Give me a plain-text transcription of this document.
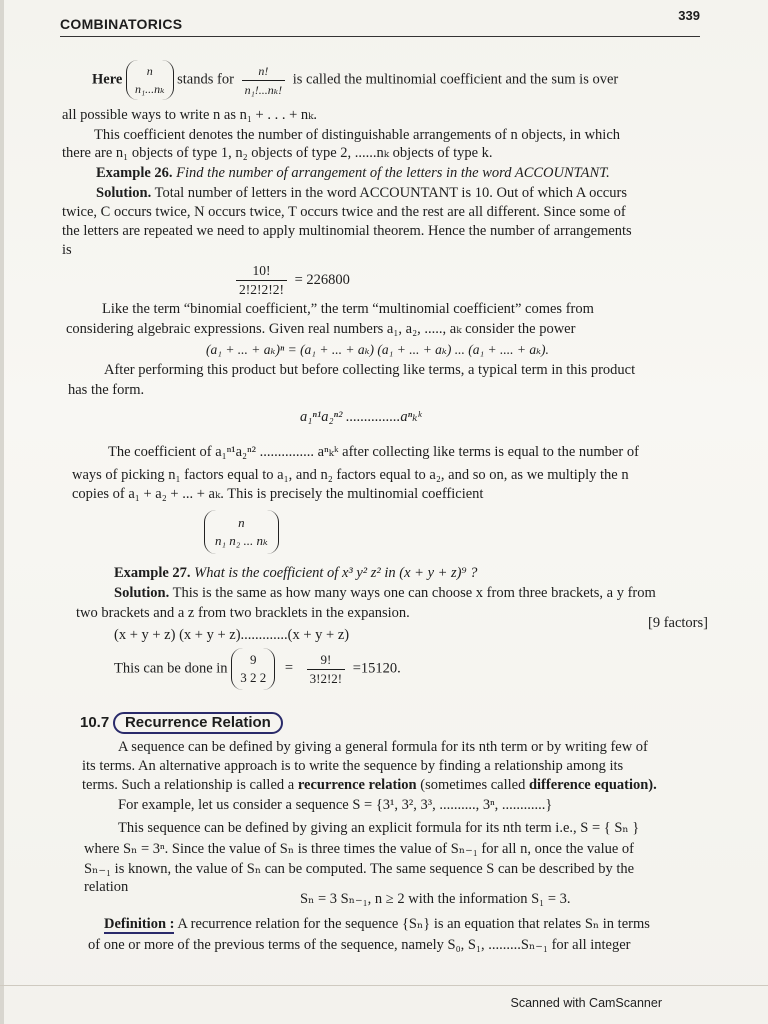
COMBINATORICS
339
Here
n
n₁...nₖ
stands for $\frac{n!}{\text{n₁!...nₖ!}}$ is called the multinomial coefficient and the sum is over
all possible ways to write n as n₁ + . . . + nₖ.
This coefficient denotes the number of distinguishable arrangements of n objects, in which
there are n₁ objects of type 1, n₂ objects of type 2, ......nₖ objects of type k.
Example 26. Find the number of arrangement of the letters in the word ACCOUNTANT.
Solution. Total number of letters in the word ACCOUNTANT is 10. Out of which A occurs
twice, C occurs twice, N occurs twice, T occurs twice and the rest are all different. Since some of
the letters are repeated we need to apply multinomial theorem. Hence the number of arrangements
is
$\frac{10!}{2!2!2!2!} = 226800$
Like the term “binomial coefficient,” the term “multinomial coefficient” comes from
considering algebraic expressions. Given real numbers a₁, a₂, ....., aₖ consider the power
(a₁ + ... + aₖ)ⁿ = (a₁ + ... + aₖ) (a₁ + ... + aₖ) ... (a₁ + .... + aₖ).
After performing this product but before collecting like terms, a typical term in this product
has the form.
a₁ⁿ¹a₂ⁿ² ...............aⁿₖᵏ
The coefficient of a₁ⁿ¹a₂ⁿ² ............... aⁿₖᵏ after collecting like terms is equal to the number of
ways of picking n₁ factors equal to a₁, and n₂ factors equal to a₂, and so on, as we multiply the n
copies of a₁ + a₂ + ... + aₖ. This is precisely the multinomial coefficient
n
n₁ n₂ ... nₖ
Example 27. What is the coefficient of x³ y² z² in (x + y + z)⁹ ?
Solution. This is the same as how many ways one can choose x from three brackets, a y from
two brackets and a z from two bracklets in the expansion.
(x + y + z) (x + y + z).............(x + y + z)
[9 factors]
This can be done in
9
3 2 2
= $\frac{9!}{3!2!2!} =15120$.
10.7 Recurrence Relation
A sequence can be defined by giving a general formula for its nth term or by writing few of
its terms. An alternative approach is to write the sequence by finding a relationship among its
terms. Such a relationship is called a recurrence relation (sometimes called difference equation).
For example, let us consider a sequence S = {3¹, 3², 3³, .........., 3ⁿ, ............}
This sequence can be defined by giving an explicit formula for its nth term i.e., S = { Sₙ }
where Sₙ = 3ⁿ. Since the value of Sₙ is three times the value of Sₙ₋₁ for all n, once the value of
Sₙ₋₁ is known, the value of Sₙ can be computed. The same sequence S can be described by the
relation
Sₙ = 3 Sₙ₋₁, n ≥ 2 with the information S₁ = 3.
Definition : A recurrence relation for the sequence {Sₙ} is an equation that relates Sₙ in terms
of one or more of the previous terms of the sequence, namely S₀, S₁, .........Sₙ₋₁ for all integer
Scanned with CamScanner
